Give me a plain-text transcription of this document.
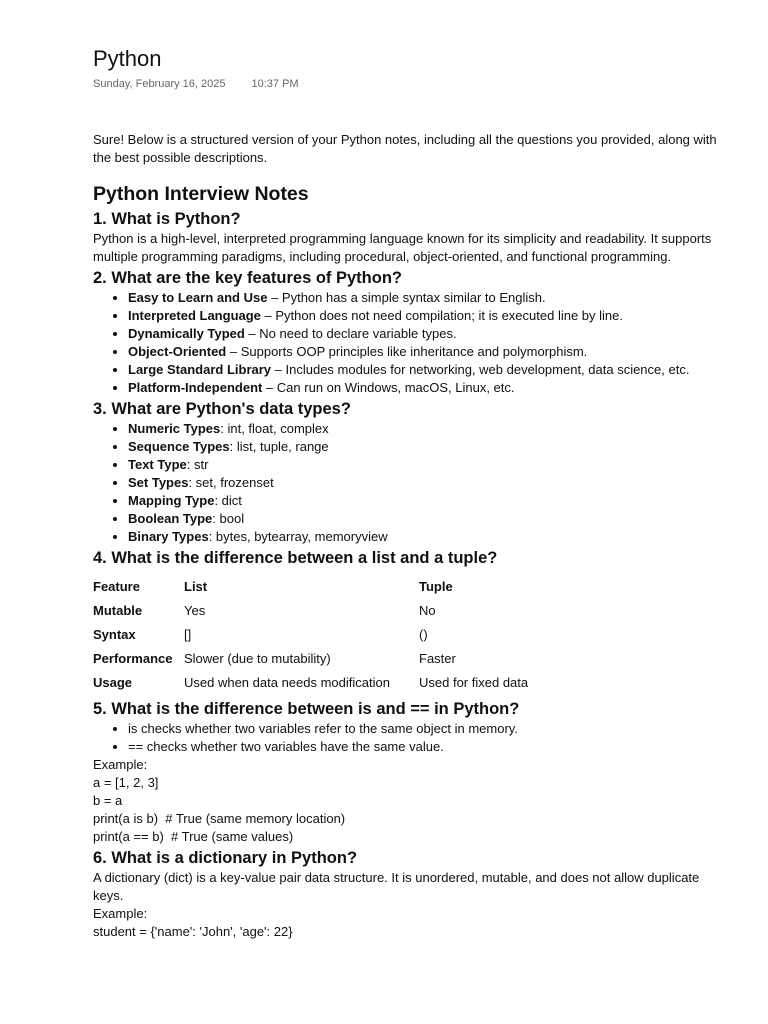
Python
Sunday, February 16, 2025 10:37 PM
Sure! Below is a structured version of your Python notes, including all the questions you provided, along with the best possible descriptions.
Python Interview Notes
1. What is Python?

Python is a high-level, interpreted programming language known for its simplicity and readability. It supports multiple programming paradigms, including procedural, object-oriented, and functional programming.

2. What are the key features of Python?
• Easy to Learn and Use – Python has a simple syntax similar to English.
• Interpreted Language – Python does not need compilation; it is executed line by line.
• Dynamically Typed – No need to declare variable types.
• Object-Oriented – Supports OOP principles like inheritance and polymorphism.
• Large Standard Library – Includes modules for networking, web development, data science, etc.
• Platform-Independent – Can run on Windows, macOS, Linux, etc.
3. What are Python's data types?
• Numeric Types: int, float, complex
• Sequence Types: list, tuple, range
• Text Type: str
• Set Types: set, frozenset
• Mapping Type: dict
• Boolean Type: bool
• Binary Types: bytes, bytearray, memoryview
4. What is the difference between a list and a tuple?
Feature	List	Tuple
Mutable	Yes	No
Syntax	[]	()
Performance	Slower (due to mutability)	Faster
Usage	Used when data needs modification	Used for fixed data
5. What is the difference between is and == in Python?
• is checks whether two variables refer to the same object in memory.
• == checks whether two variables have the same value.
Example:
a = [1, 2, 3]
b = a
print(a is b)  # True (same memory location)
print(a == b)  # True (same values)
6. What is a dictionary in Python?

A dictionary (dict) is a key-value pair data structure. It is unordered, mutable, and does not allow duplicate keys.

Example:
student = {'name': 'John', 'age': 22}
